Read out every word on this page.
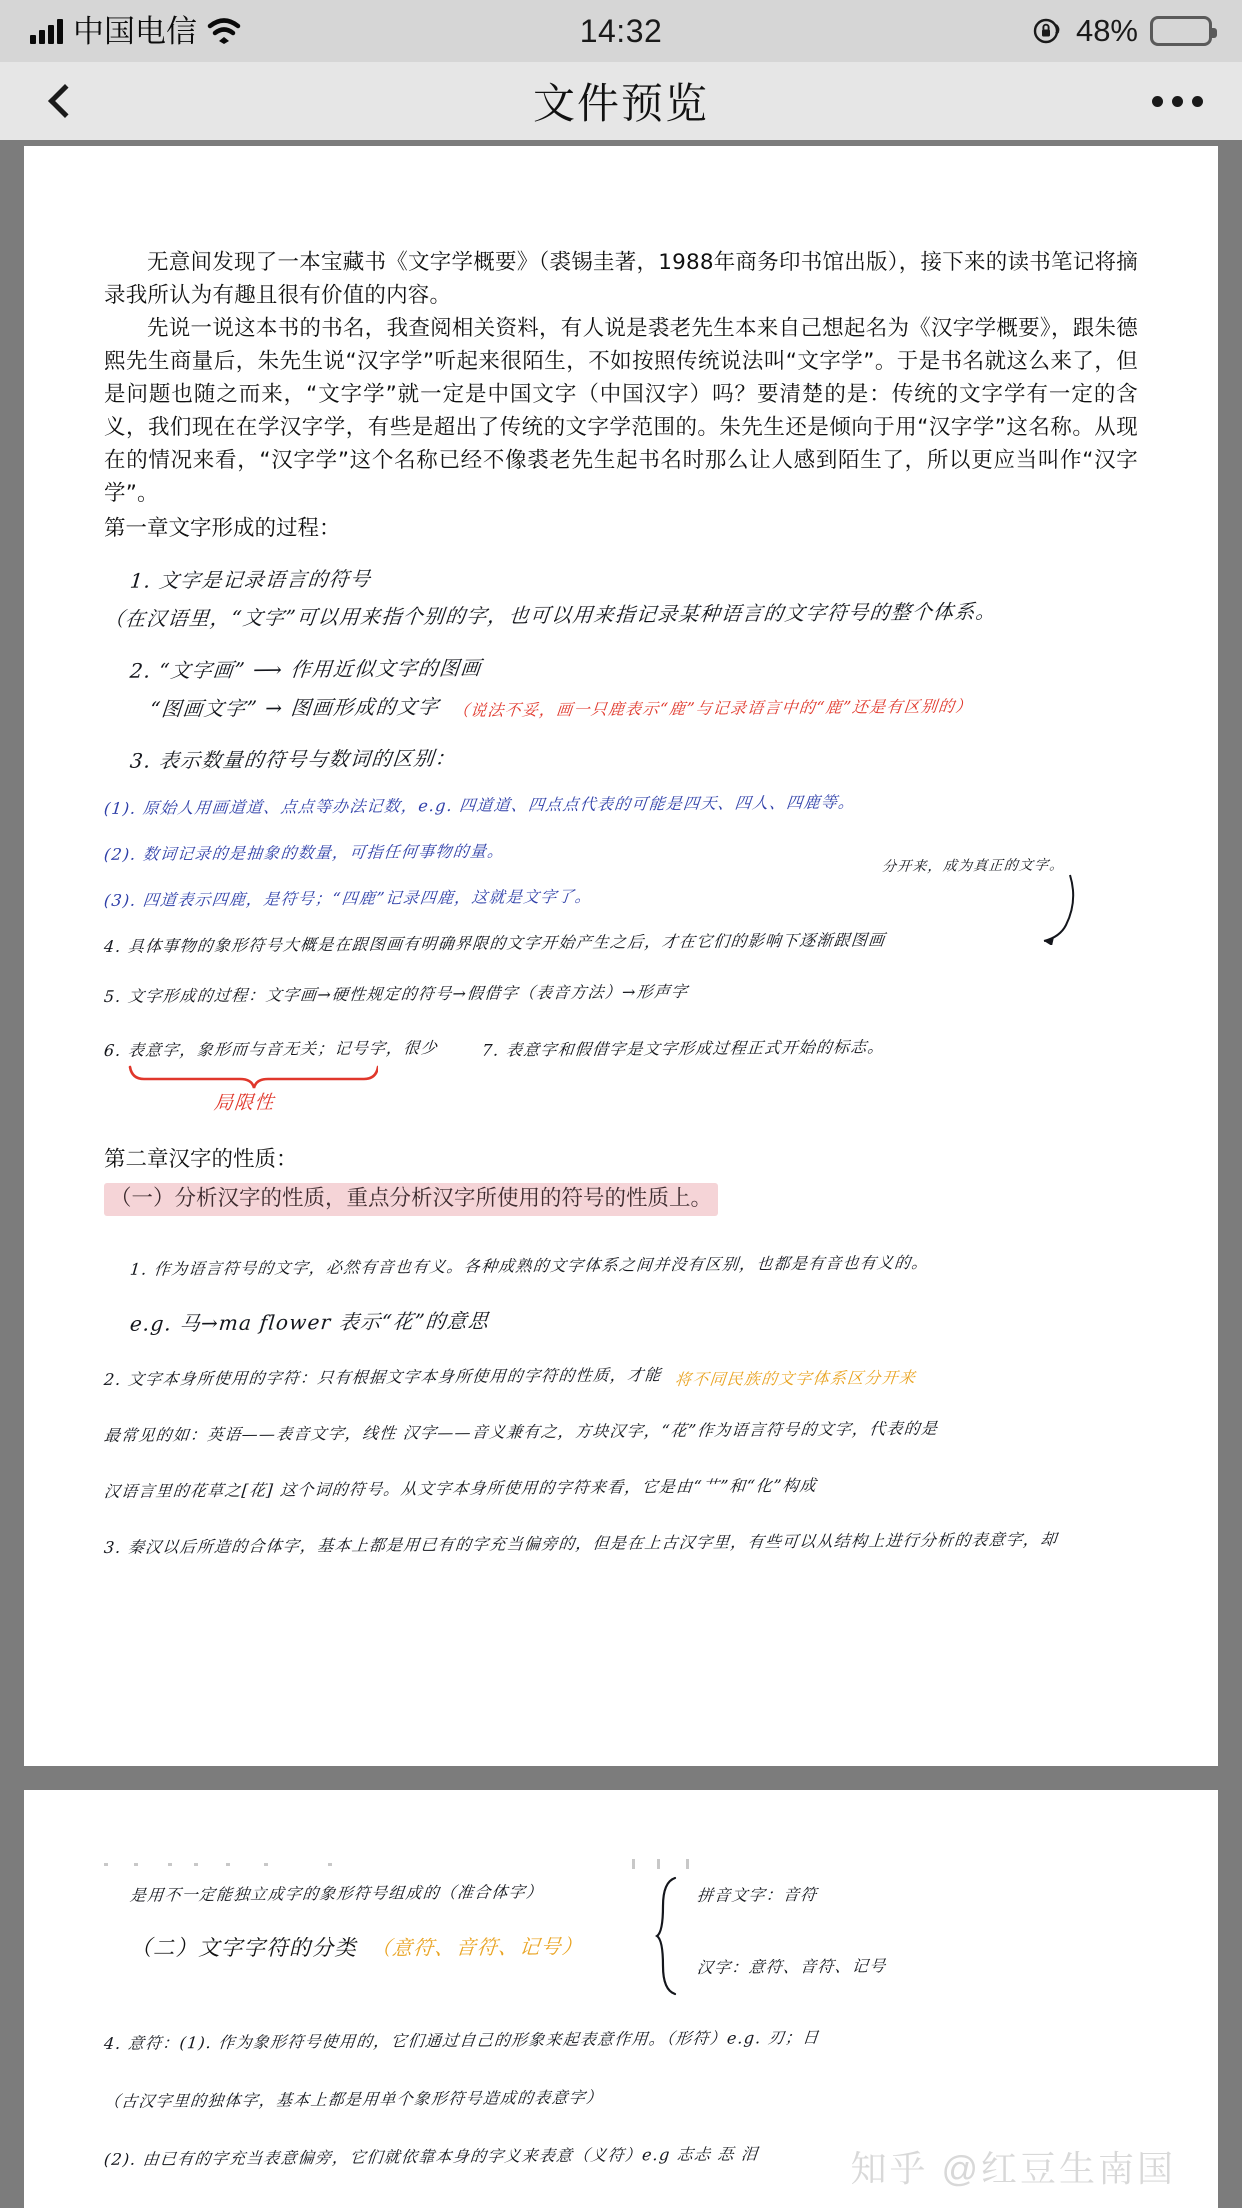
中国电信	14:32	48%
文件预览

无意间发现了一本宝藏书《文字学概要》（裘锡圭著，1988年商务印书馆出版），接下来的读书笔记将摘录我所认为有趣且很有价值的内容。

先说一说这本书的书名，我查阅相关资料，有人说是裘老先生本来自己想起名为《汉字学概要》，跟朱德熙先生商量后，朱先生说“汉字学”听起来很陌生，不如按照传统说法叫“文字学”。于是书名就这么来了，但是问题也随之而来，“文字学”就一定是中国文字（中国汉字）吗？要清楚的是：传统的文字学有一定的含义，我们现在在学汉字学，有些是超出了传统的文字学范围的。朱先生还是倾向于用“汉字学”这名称。从现在的情况来看，“汉字学”这个名称已经不像裘老先生起书名时那么让人感到陌生了，所以更应当叫作“汉字学”。

第一章文字形成的过程：
1. 文字是记录语言的符号
（在汉语里，“文字”可以用来指个别的字，也可以用来指记录某种语言的文字符号的整个体系。
2. “文字画” ⟶ 作用近似文字的图画
“图画文字” → 图画形成的文字 （说法不妥，画一只鹿表示“鹿”与记录语言中的“鹿”还是有区别的）
3. 表示数量的符号与数词的区别：
(1). 原始人用画道道、点点等办法记数，e.g. 四道道、四点点代表的可能是四天、四人、四鹿等。
(2). 数词记录的是抽象的数量，可指任何事物的量。
(3). 四道表示四鹿，是符号；“四鹿”记录四鹿，这就是文字了。
分开来，成为真正的文字。
4. 具体事物的象形符号大概是在跟图画有明确界限的文字开始产生之后，才在它们的影响下逐渐跟图画
5. 文字形成的过程：文字画→硬性规定的符号→假借字（表音方法）→形声字
6. 表意字，象形而与音无关；记号字，很少	7. 表意字和假借字是文字形成过程正式开始的标志。
局限性
第二章汉字的性质：
（一）分析汉字的性质，重点分析汉字所使用的符号的性质上。
1. 作为语言符号的文字，必然有音也有义。各种成熟的文字体系之间并没有区别，也都是有音也有义的。
e.g. 马→ma flower 表示“花”的意思
2. 文字本身所使用的字符：只有根据文字本身所使用的字符的性质，才能 将不同民族的文字体系区分开来
最常见的如：英语——表音文字，线性 汉字——音义兼有之，方块汉字，“花”作为语言符号的文字，代表的是
汉语言里的花草之[花] 这个词的符号。从文字本身所使用的字符来看，它是由“艹”和“化”构成
3. 秦汉以后所造的合体字，基本上都是用已有的字充当偏旁的，但是在上古汉字里，有些可以从结构上进行分析的表意字，却
是用不一定能独立成字的象形符号组成的（准合体字）
（二）文字字符的分类 （意符、音符、记号）
拼音文字：音符
汉字：意符、音符、记号
4. 意符：(1). 作为象形符号使用的，它们通过自己的形象来起表意作用。（形符）e.g. 刃；日
（古汉字里的独体字，基本上都是用单个象形符号造成的表意字）
(2). 由已有的字充当表意偏旁，它们就依靠本身的字义来表意（义符）e.g 志忐 忢 泪	知乎 @红豆生南国
